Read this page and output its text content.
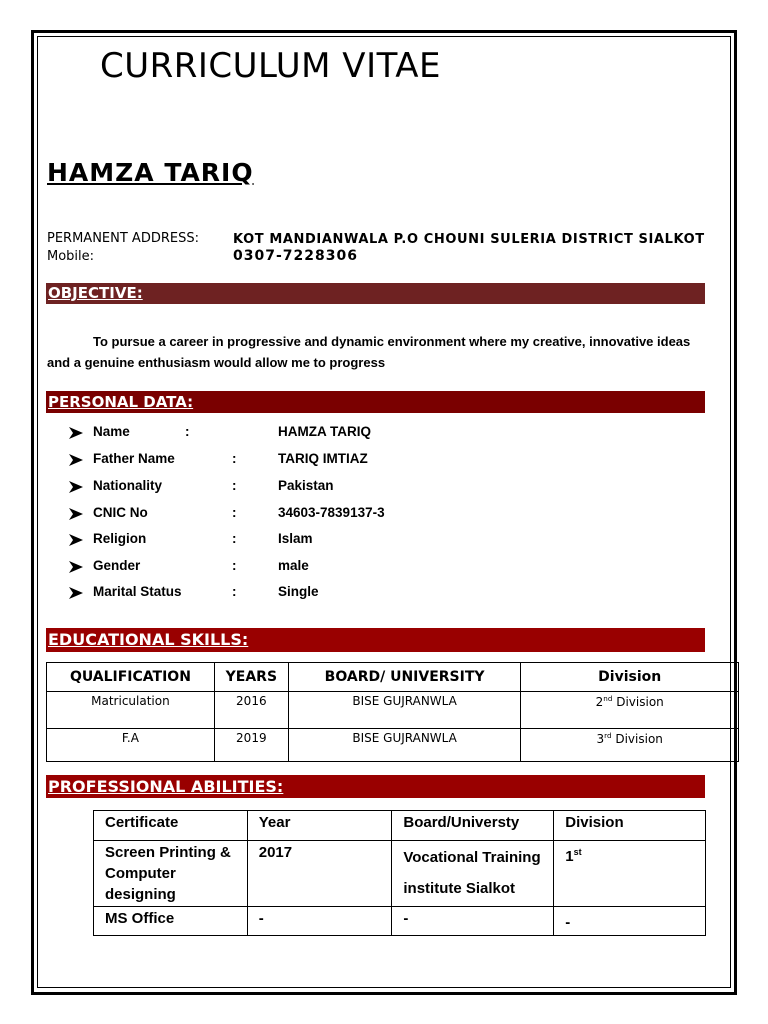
CURRICULUM VITAE
HAMZA TARIQ
PERMANENT ADDRESS:	KOT MANDIANWALA P.O CHOUNI SULERIA DISTRICT SIALKOT
Mobile:	0307-7228306
OBJECTIVE:
To pursue a career in progressive and dynamic environment where my creative, innovative ideas and a genuine enthusiasm would allow me to progress
PERSONAL DATA:
Name	:	HAMZA TARIQ
Father Name	:	TARIQ IMTIAZ
Nationality	:	Pakistan
CNIC No	:	34603-7839137-3
Religion	:	Islam
Gender	:	male
Marital Status	:	Single
EDUCATIONAL SKILLS:
QUALIFICATION	YEARS	BOARD/ UNIVERSITY	Division
Matriculation	2016	BISE GUJRANWLA	2nd Division
F.A	2019	BISE GUJRANWLA	3rd Division
PROFESSIONAL ABILITIES:
Certificate	Year	Board/Universty	Division
Screen Printing & Computer designing	2017	Vocational Training institute Sialkot	1st
MS Office	-	-	-
